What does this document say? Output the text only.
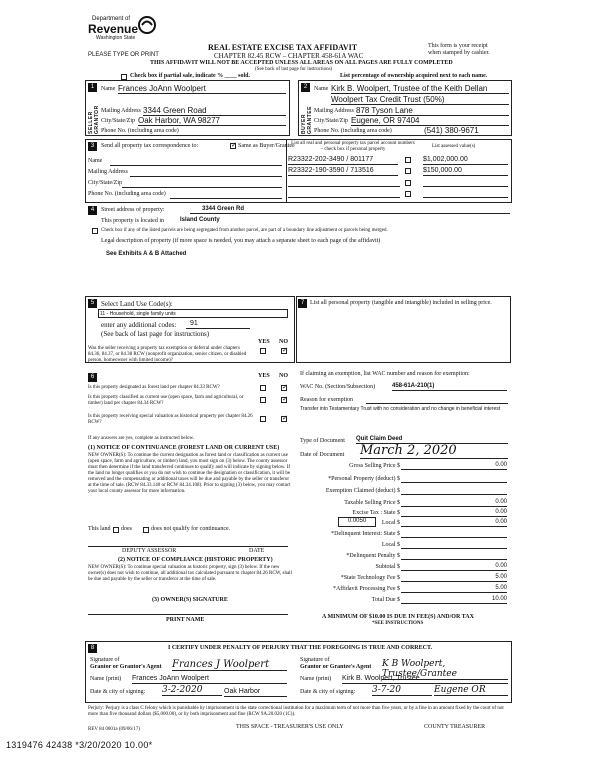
Department of
Revenue
Washington State
PLEASE TYPE OR PRINT
REAL ESTATE EXCISE TAX AFFIDAVIT
CHAPTER 82.45 RCW – CHAPTER 458-61A WAC
THIS AFFIDAVIT WILL NOT BE ACCEPTED UNLESS ALL AREAS ON ALL PAGES ARE FULLY COMPLETED
(See back of last page for instructions)
This form is your receipt
when stamped by cashier.
Check box if partial sale, indicate % ____ sold.	List percentage of ownership acquired next to each name.
1
SELLER GRANTOR
Name Frances JoAnn Woolpert
Mailing Address 3344 Green Road
City/State/Zip Oak Harbor, WA 98277
Phone No. (including area code)
2
BUYER GRANTEE
Name Kirk B. Woolpert, Trustee of the Keith Dellan
Woolpert Tax Credit Trust (50%)
Mailing Address 878 Tyson Lane
City/State/Zip Eugene, OR 97404
Phone No. (including area code)	(541) 380-9671
3	Send all property tax correspondence to:
✓	Same as Buyer/Grantee
Name
Mailing Address
City/State/Zip
Phone No. (including area code)
List all real and personal property tax parcel account numbers – check box if personal property
List assessed value(s)
R23322-202-3490 / 801177	$1,002,000.00
R23322-190-3590 / 713516	$150,000.00
4	Street address of property:	3344 Green Rd
This property is located in	Island County
Check box if any of the listed parcels are being segregated from another parcel, are part of a boundary line adjustment or parcels being merged.
Legal description of property (if more space is needed, you may attach a separate sheet to each page of the affidavit)
See Exhibits A & B Attached
5 Select Land Use Code(s):
11 - Household, single family units
enter any additional codes:	91
(See back of last page for instructions)
YES NO
Was the seller receiving a property tax exemption or deferral under chapters 84.36, 84.37, or 84.38 RCW (nonprofit organization, senior citizen, or disabled person, homeowner with limited income)?
✓
7 List all personal property (tangible and intangible) included in selling price.
6	YES NO
Is this property designated as forest land per chapter 84.33 RCW?
✓
Is this property classified as current use (open space, farm and agricultural, or timber) land per chapter 84.34 RCW?
✓
Is this property receiving special valuation as historical property per chapter 84.26 RCW?
✓
If any answers are yes, complete as instructed below.
(1) NOTICE OF CONTINUANCE (FOREST LAND OR CURRENT USE)
NEW OWNER(S): To continue the current designation as forest land or classification as current use (open space, farm and agriculture, or timber) land, you must sign on (3) below. The county assessor must then determine if the land transferred continues to qualify and will indicate by signing below. If the land no longer qualifies or you do not wish to continue the designation or classification, it will be removed and the compensating or additional taxes will be due and payable by the seller or transferor at the time of sale. (RCW 84.33.140 or RCW 84.34.108). Prior to signing (3) below, you may contact your local county assessor for more information.
This land does	does not qualify for continuance.
DEPUTY ASSESSOR	DATE
(2) NOTICE OF COMPLIANCE (HISTORIC PROPERTY)
NEW OWNER(S): To continue special valuation as historic property, sign (3) below. If the new owner(s) does not wish to continue, all additional tax calculated pursuant to chapter 84.26 RCW, shall be due and payable by the seller or transferor at the time of sale.
(3) OWNER(S) SIGNATURE
PRINT NAME
If claiming an exemption, list WAC number and reason for exemption:
WAC No. (Section/Subsection)	458-61A-210(1)
Reason for exemption
Transfer into Testamentary Trust with no consideration and no change in beneficial interest
Type of Document Quit Claim Deed
Date of Document March 2, 2020
Gross Selling Price $	0.00
*Personal Property (deduct) $
Exemption Claimed (deduct) $
Taxable Selling Price $	0.00
Excise Tax : State $	0.00
0.0050	Local $	0.00
*Delinquent Interest: State $
Local $
*Delinquent Penalty $
Subtotal $	0.00
*State Technology Fee $	5.00
*Affidavit Processing Fee $	5.00
Total Due $	10.00
A MINIMUM OF $10.00 IS DUE IN FEE(S) AND/OR TAX
*SEE INSTRUCTIONS
8	I CERTIFY UNDER PENALTY OF PERJURY THAT THE FOREGOING IS TRUE AND CORRECT.
Signature of
Grantor or Grantor's Agent Frances J Woolpert
Name (print) Frances JoAnn Woolpert
Date & city of signing: 3-2-2020	Oak Harbor
Signature of
Grantor or Grantee's Agent K B Woolpert, Trustee/Grantee
Name (print) Kirk B. Woolpert, Trustee
Date & city of signing: 3-7-20	Eugene OR
Perjury: Perjury is a class C felony which is punishable by imprisonment in the state correctional institution for a maximum term of not more than five years, or by a fine in an amount fixed by the court of not more than five thousand dollars ($5,000.00), or by both imprisonment and fine (RCW 9A.20.020 (1C)).
REV 84 0001a (09/06/17)	THIS SPACE - TREASURER'S USE ONLY	COUNTY TREASURER
1319476 42438 *3/20/2020 10.00*
